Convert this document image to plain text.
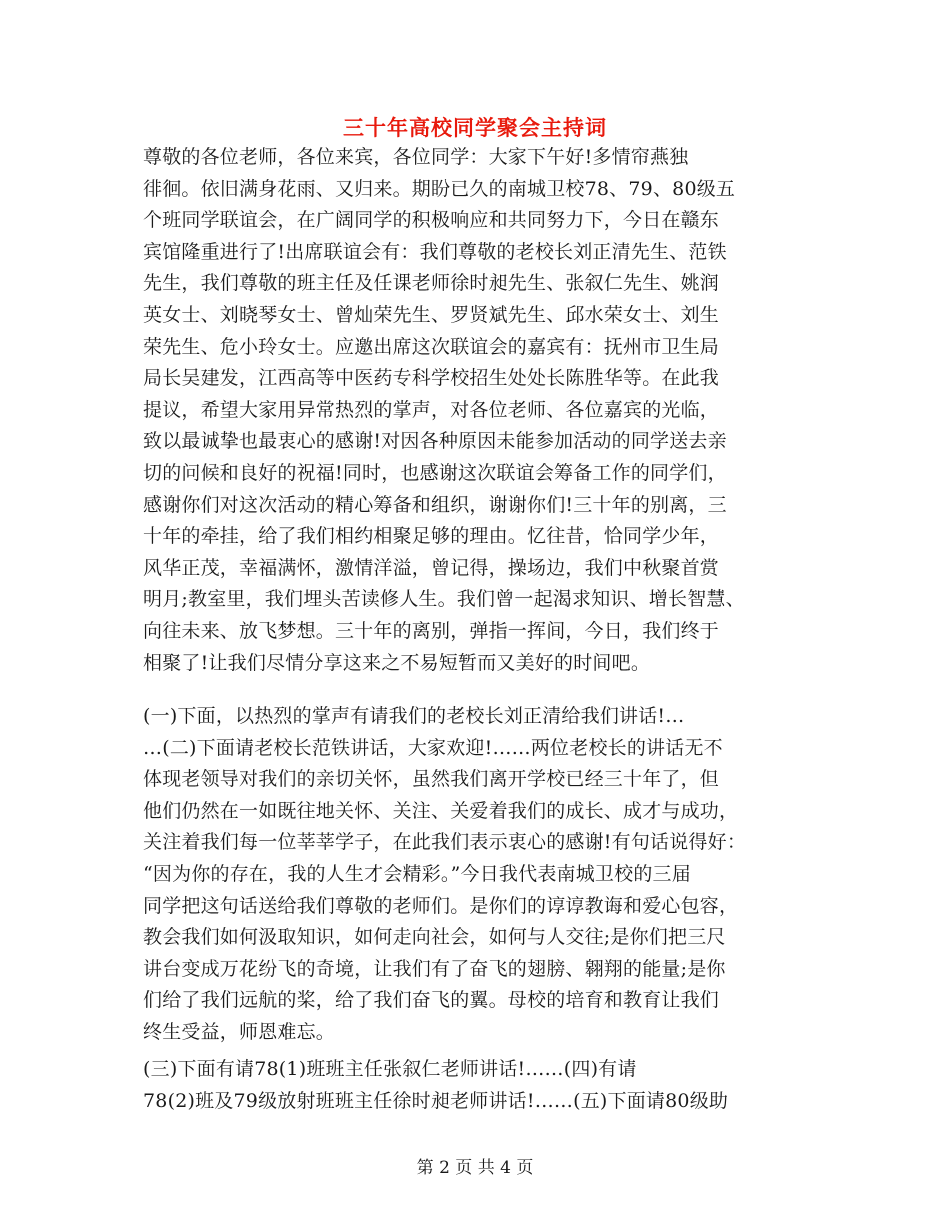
三十年高校同学聚会主持词
尊敬的各位老师，各位来宾，各位同学：大家下午好!多情帘燕独
徘徊。依旧满身花雨、又归来。期盼已久的南城卫校78、79、80级五
个班同学联谊会，在广阔同学的积极响应和共同努力下，今日在赣东
宾馆隆重进行了!出席联谊会有：我们尊敬的老校长刘正清先生、范铁
先生，我们尊敬的班主任及任课老师徐时昶先生、张叙仁先生、姚润
英女士、刘晓琴女士、曾灿荣先生、罗贤斌先生、邱水荣女士、刘生
荣先生、危小玲女士。应邀出席这次联谊会的嘉宾有：抚州市卫生局
局长吴建发，江西高等中医药专科学校招生处处长陈胜华等。在此我
提议，希望大家用异常热烈的掌声，对各位老师、各位嘉宾的光临，
致以最诚挚也最衷心的感谢!对因各种原因未能参加活动的同学送去亲
切的问候和良好的祝福!同时，也感谢这次联谊会筹备工作的同学们，
感谢你们对这次活动的精心筹备和组织，谢谢你们!三十年的别离，三
十年的牵挂，给了我们相约相聚足够的理由。忆往昔，恰同学少年，
风华正茂，幸福满怀，激情洋溢，曾记得，操场边，我们中秋聚首赏
明月;教室里，我们埋头苦读修人生。我们曾一起渴求知识、增长智慧、
向往未来、放飞梦想。三十年的离别，弹指一挥间，今日，我们终于
相聚了!让我们尽情分享这来之不易短暂而又美好的时间吧。
(一)下面，以热烈的掌声有请我们的老校长刘正清给我们讲话!…
…(二)下面请老校长范铁讲话，大家欢迎!……两位老校长的讲话无不
体现老领导对我们的亲切关怀，虽然我们离开学校已经三十年了，但
他们仍然在一如既往地关怀、关注、关爱着我们的成长、成才与成功，
关注着我们每一位莘莘学子，在此我们表示衷心的感谢!有句话说得好：
“因为你的存在，我的人生才会精彩。”今日我代表南城卫校的三届
同学把这句话送给我们尊敬的老师们。是你们的谆谆教诲和爱心包容，
教会我们如何汲取知识，如何走向社会，如何与人交往;是你们把三尺
讲台变成万花纷飞的奇境，让我们有了奋飞的翅膀、翱翔的能量;是你
们给了我们远航的桨，给了我们奋飞的翼。母校的培育和教育让我们
终生受益，师恩难忘。
(三)下面有请78(1)班班主任张叙仁老师讲话!……(四)有请
78(2)班及79级放射班班主任徐时昶老师讲话!……(五)下面请80级助
第 2 页 共 4 页
